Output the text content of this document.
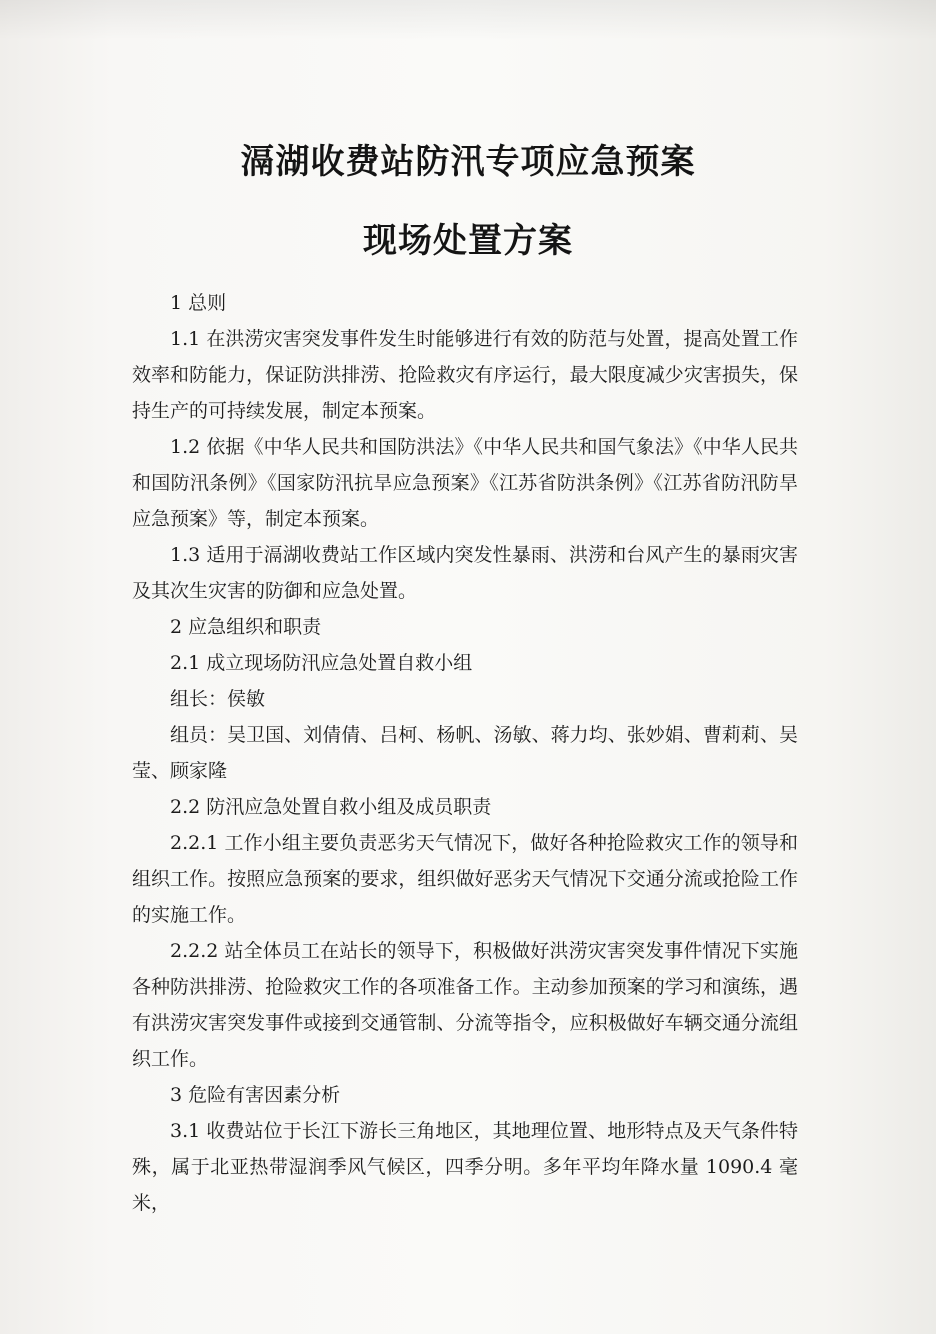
滆湖收费站防汛专项应急预案
现场处置方案

1 总则

1.1 在洪涝灾害突发事件发生时能够进行有效的防范与处置，提高处置工作效率和防能力，保证防洪排涝、抢险救灾有序运行，最大限度减少灾害损失，保持生产的可持续发展，制定本预案。

1.2 依据《中华人民共和国防洪法》《中华人民共和国气象法》《中华人民共和国防汛条例》《国家防汛抗旱应急预案》《江苏省防洪条例》《江苏省防汛防旱应急预案》等，制定本预案。

1.3 适用于滆湖收费站工作区域内突发性暴雨、洪涝和台风产生的暴雨灾害及其次生灾害的防御和应急处置。

2 应急组织和职责

2.1 成立现场防汛应急处置自救小组

组长：侯敏

组员：吴卫国、刘倩倩、吕柯、杨帆、汤敏、蒋力均、张妙娟、曹莉莉、吴莹、顾家隆

2.2 防汛应急处置自救小组及成员职责

2.2.1 工作小组主要负责恶劣天气情况下，做好各种抢险救灾工作的领导和组织工作。按照应急预案的要求，组织做好恶劣天气情况下交通分流或抢险工作的实施工作。

2.2.2 站全体员工在站长的领导下，积极做好洪涝灾害突发事件情况下实施各种防洪排涝、抢险救灾工作的各项准备工作。主动参加预案的学习和演练，遇有洪涝灾害突发事件或接到交通管制、分流等指令，应积极做好车辆交通分流组织工作。

3 危险有害因素分析

3.1 收费站位于长江下游长三角地区，其地理位置、地形特点及天气条件特殊，属于北亚热带湿润季风气候区，四季分明。多年平均年降水量 1090.4 毫米，
